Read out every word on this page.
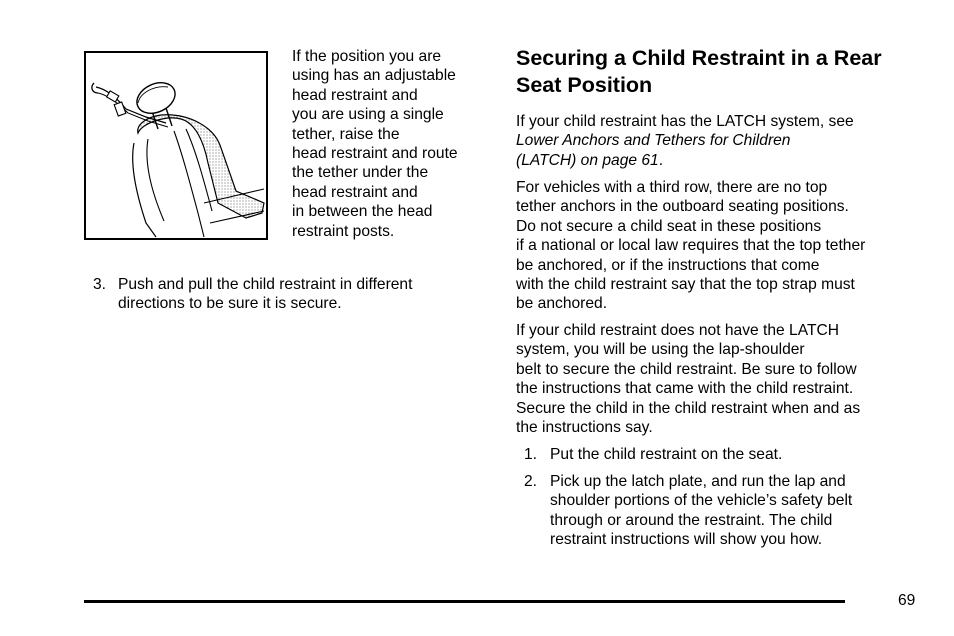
If the position you are
using has an adjustable
head restraint and
you are using a single
tether, raise the
head restraint and route
the tether under the
head restraint and
in between the head
restraint posts.
3. Push and pull the child restraint in different
directions to be sure it is secure.
Securing a Child Restraint in a Rear
Seat Position
If your child restraint has the LATCH system, see
Lower Anchors and Tethers for Children
(LATCH) on page 61.
For vehicles with a third row, there are no top
tether anchors in the outboard seating positions.
Do not secure a child seat in these positions
if a national or local law requires that the top tether
be anchored, or if the instructions that come
with the child restraint say that the top strap must
be anchored.
If your child restraint does not have the LATCH
system, you will be using the lap-shoulder
belt to secure the child restraint. Be sure to follow
the instructions that came with the child restraint.
Secure the child in the child restraint when and as
the instructions say.
1. Put the child restraint on the seat.
2. Pick up the latch plate, and run the lap and
shoulder portions of the vehicle’s safety belt
through or around the restraint. The child
restraint instructions will show you how.
69
